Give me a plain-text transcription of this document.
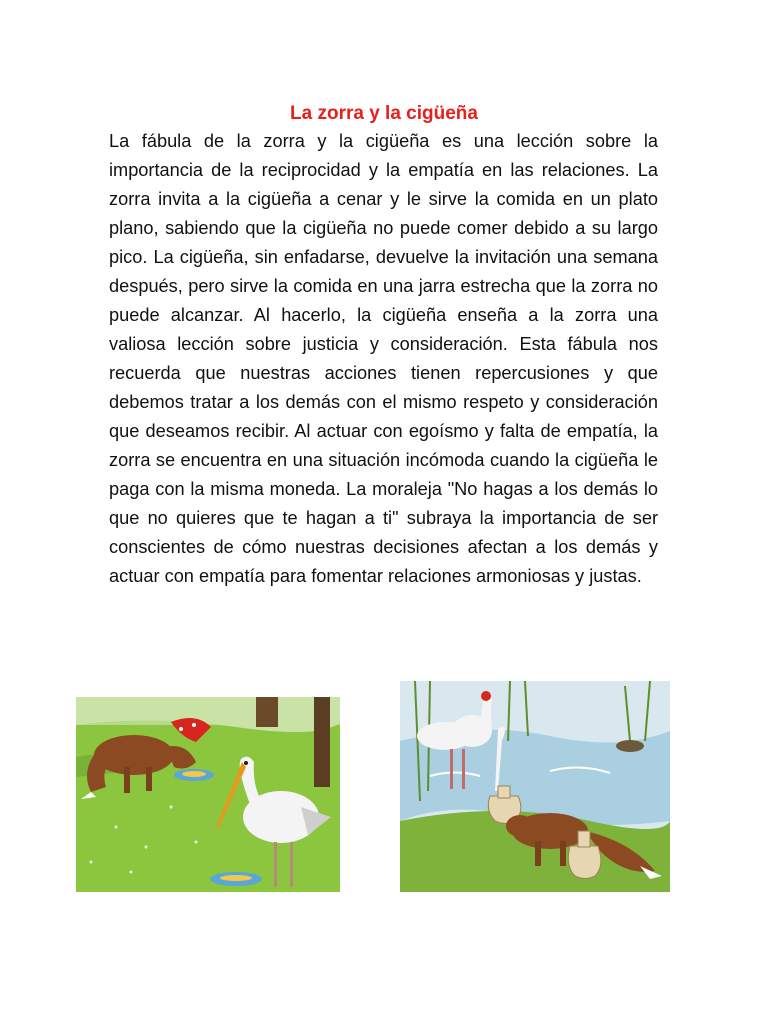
La zorra y la cigüeña

La fábula de la zorra y la cigüeña es una lección sobre la importancia de la reciprocidad y la empatía en las relaciones. La zorra invita a la cigüeña a cenar y le sirve la comida en un plato plano, sabiendo que la cigüeña no puede comer debido a su largo pico. La cigüeña, sin enfadarse, devuelve la invitación una semana después, pero sirve la comida en una jarra estrecha que la zorra no puede alcanzar. Al hacerlo, la cigüeña enseña a la zorra una valiosa lección sobre justicia y consideración. Esta fábula nos recuerda que nuestras acciones tienen repercusiones y que debemos tratar a los demás con el mismo respeto y consideración que deseamos recibir. Al actuar con egoísmo y falta de empatía, la zorra se encuentra en una situación incómoda cuando la cigüeña le paga con la misma moneda. La moraleja "No hagas a los demás lo que no quieres que te hagan a ti" subraya la importancia de ser conscientes de cómo nuestras decisiones afectan a los demás y actuar con empatía para fomentar relaciones armoniosas y justas.
